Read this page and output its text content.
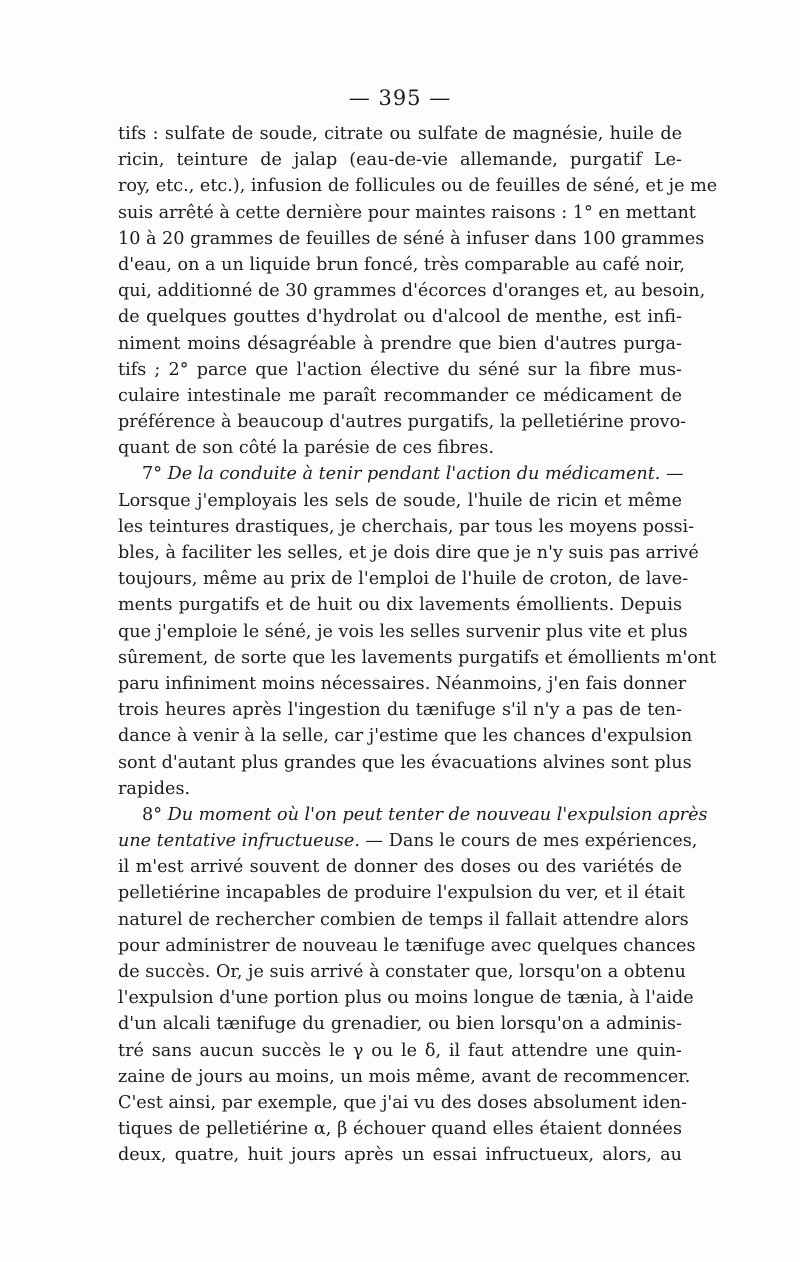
— 395 —
tifs : sulfate de soude, citrate ou sulfate de magnésie, huile de
ricin, teinture de jalap (eau-de-vie allemande, purgatif Le-
roy, etc., etc.), infusion de follicules ou de feuilles de séné, et je me
suis arrêté à cette dernière pour maintes raisons : 1° en mettant
10 à 20 grammes de feuilles de séné à infuser dans 100 grammes
d'eau, on a un liquide brun foncé, très comparable au café noir,
qui, additionné de 30 grammes d'écorces d'oranges et, au besoin,
de quelques gouttes d'hydrolat ou d'alcool de menthe, est infi-
niment moins désagréable à prendre que bien d'autres purga-
tifs ; 2° parce que l'action élective du séné sur la fibre mus-
culaire intestinale me paraît recommander ce médicament de
préférence à beaucoup d'autres purgatifs, la pelletiérine provo-
quant de son côté la parésie de ces fibres.
7° De la conduite à tenir pendant l'action du médicament. —
Lorsque j'employais les sels de soude, l'huile de ricin et même
les teintures drastiques, je cherchais, par tous les moyens possi-
bles, à faciliter les selles, et je dois dire que je n'y suis pas arrivé
toujours, même au prix de l'emploi de l'huile de croton, de lave-
ments purgatifs et de huit ou dix lavements émollients. Depuis
que j'emploie le séné, je vois les selles survenir plus vite et plus
sûrement, de sorte que les lavements purgatifs et émollients m'ont
paru infiniment moins nécessaires. Néanmoins, j'en fais donner
trois heures après l'ingestion du tænifuge s'il n'y a pas de ten-
dance à venir à la selle, car j'estime que les chances d'expulsion
sont d'autant plus grandes que les évacuations alvines sont plus
rapides.
8° Du moment où l'on peut tenter de nouveau l'expulsion après
une tentative infructueuse. — Dans le cours de mes expériences,
il m'est arrivé souvent de donner des doses ou des variétés de
pelletiérine incapables de produire l'expulsion du ver, et il était
naturel de rechercher combien de temps il fallait attendre alors
pour administrer de nouveau le tænifuge avec quelques chances
de succès. Or, je suis arrivé à constater que, lorsqu'on a obtenu
l'expulsion d'une portion plus ou moins longue de tænia, à l'aide
d'un alcali tænifuge du grenadier, ou bien lorsqu'on a adminis-
tré sans aucun succès le γ ou le δ, il faut attendre une quin-
zaine de jours au moins, un mois même, avant de recommencer.
C'est ainsi, par exemple, que j'ai vu des doses absolument iden-
tiques de pelletiérine α, β échouer quand elles étaient données
deux, quatre, huit jours après un essai infructueux, alors, au
